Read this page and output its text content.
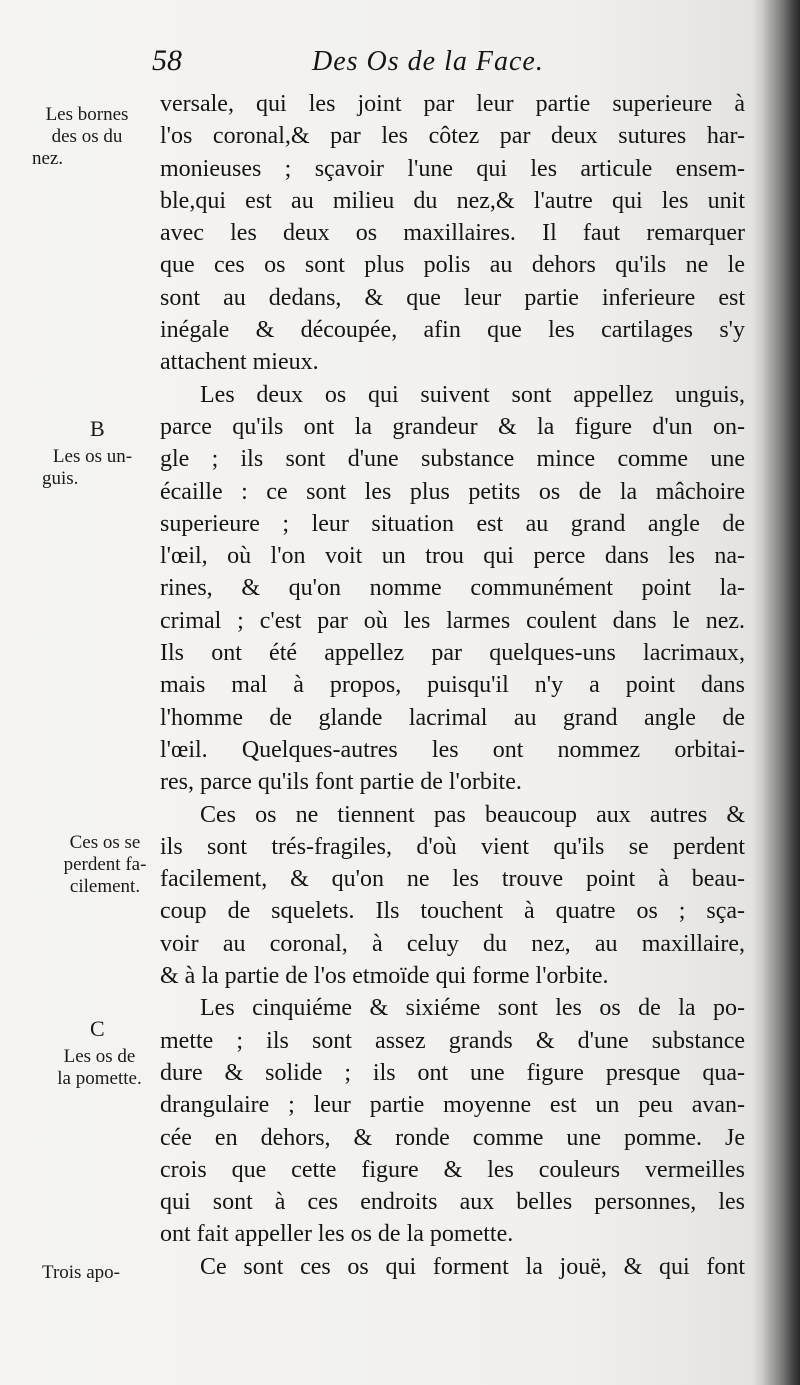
58	Des Os de la Face.
Les bornes
des os du
nez.
B
Les os un-
guis.
Ces os se
perdent fa-
cilement.
C
Les os de
la pomette.
Trois apo-

versale, qui les joint par leur partie superieure à
l'os coronal,& par les côtez par deux sutures har-
monieuses ; sçavoir l'une qui les articule ensem-
ble,qui est au milieu du nez,& l'autre qui les unit
avec les deux os maxillaires. Il faut remarquer
que ces os sont plus polis au dehors qu'ils ne le
sont au dedans, & que leur partie inferieure est
inégale & découpée, afin que les cartilages s'y
attachent mieux.
Les deux os qui suivent sont appellez unguis,
parce qu'ils ont la grandeur & la figure d'un on-
gle ; ils sont d'une substance mince comme une
écaille : ce sont les plus petits os de la mâchoire
superieure ; leur situation est au grand angle de
l'œil, où l'on voit un trou qui perce dans les na-
rines, & qu'on nomme communément point la-
crimal ; c'est par où les larmes coulent dans le nez.
Ils ont été appellez par quelques-uns lacrimaux,
mais mal à propos, puisqu'il n'y a point dans
l'homme de glande lacrimal au grand angle de
l'œil. Quelques-autres les ont nommez orbitai-
res, parce qu'ils font partie de l'orbite.
Ces os ne tiennent pas beaucoup aux autres &
ils sont trés-fragiles, d'où vient qu'ils se perdent
facilement, & qu'on ne les trouve point à beau-
coup de squelets. Ils touchent à quatre os ; sça-
voir au coronal, à celuy du nez, au maxillaire,
& à la partie de l'os etmoïde qui forme l'orbite.
Les cinquiéme & sixiéme sont les os de la po-
mette ; ils sont assez grands & d'une substance
dure & solide ; ils ont une figure presque qua-
drangulaire ; leur partie moyenne est un peu avan-
cée en dehors, & ronde comme une pomme. Je
crois que cette figure & les couleurs vermeilles
qui sont à ces endroits aux belles personnes, les
ont fait appeller les os de la pomette.
Ce sont ces os qui forment la jouë, & qui font
